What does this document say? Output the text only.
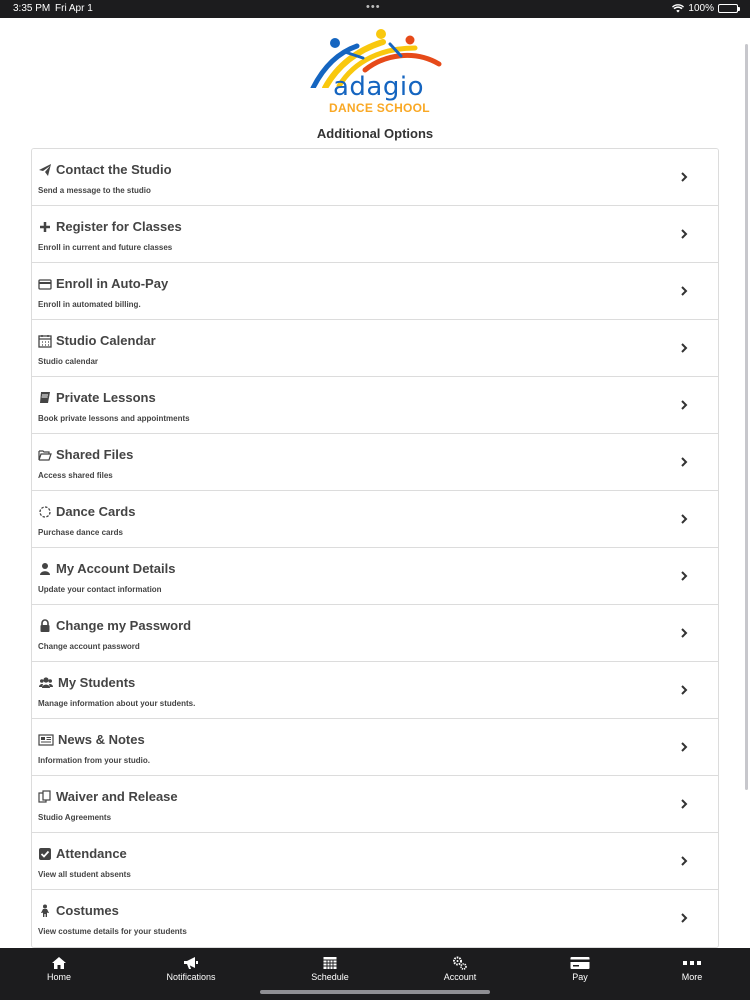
3:35 PM Fri Apr 1	•••	100%
adagio
DANCE SCHOOL
Additional Options
Contact the Studio
Send a message to the studio
Register for Classes
Enroll in current and future classes
Enroll in Auto-Pay
Enroll in automated billing.
Studio Calendar
Studio calendar
Private Lessons
Book private lessons and appointments
Shared Files
Access shared files
Dance Cards
Purchase dance cards
My Account Details
Update your contact information
Change my Password
Change account password
My Students
Manage information about your students.
News & Notes
Information from your studio.
Waiver and Release
Studio Agreements
Attendance
View all student absents
Costumes
View costume details for your students
Home	Notifications	Schedule	Account	Pay	More
